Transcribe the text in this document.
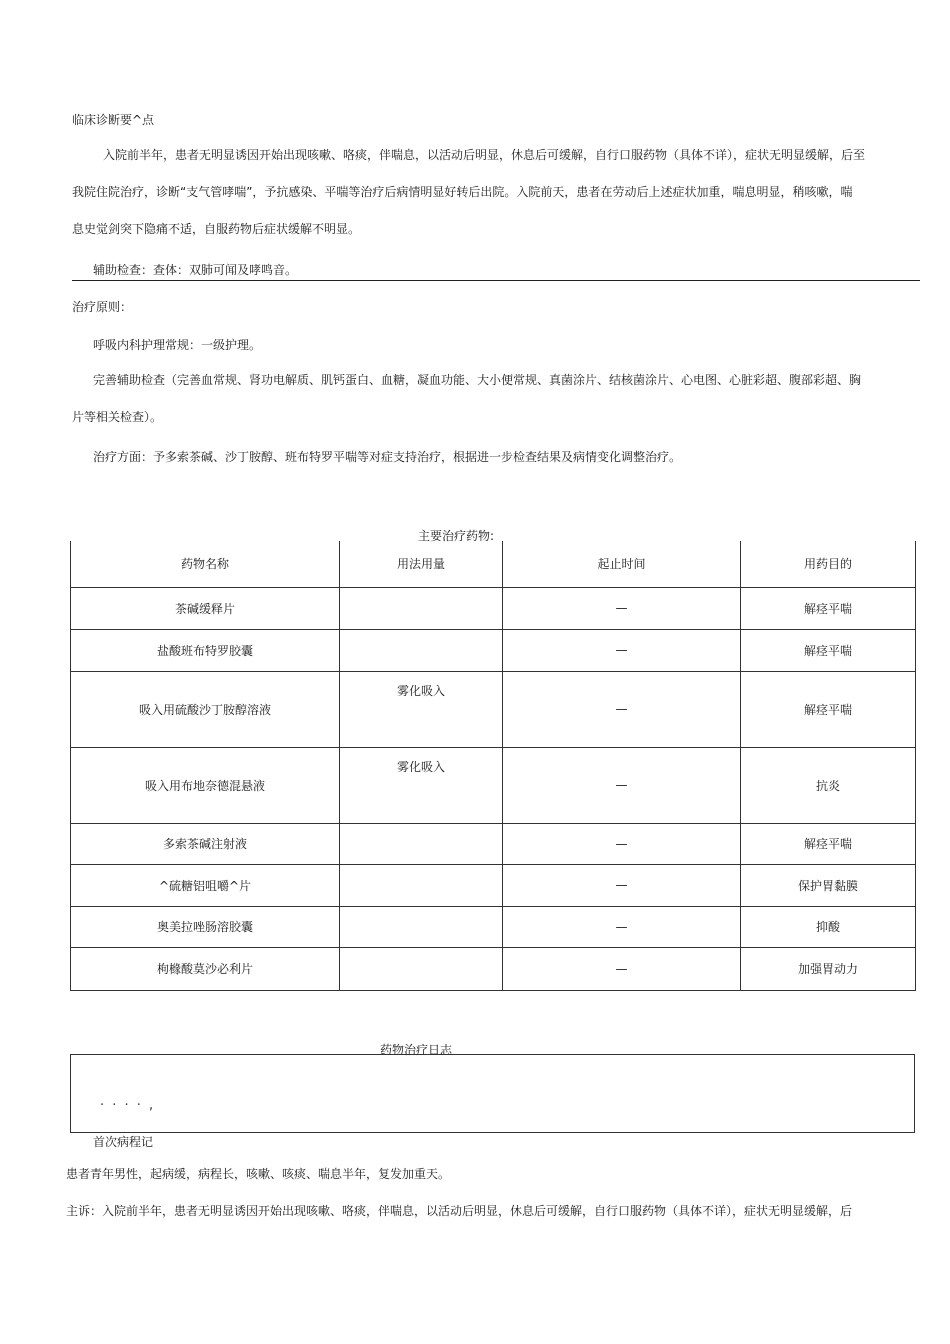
临床诊断要^点
入院前半年，患者无明显诱因开始出现咳嗽、咯痰，伴喘息，以活动后明显，休息后可缓解，自行口服药物（具体不详），症状无明显缓解，后至
我院住院治疗，诊断“支气管哮喘”，予抗感染、平喘等治疗后病情明显好转后出院。入院前天，患者在劳动后上述症状加重，喘息明显，稍咳嗽，喘
息史觉剑突下隐痛不适，自服药物后症状缓解不明显。
辅助检查：查体：双肺可闻及哮鸣音。
治疗原则：
呼吸内科护理常规：一级护理。
完善辅助检查（完善血常规、肾功电解质、肌钙蛋白、血糖，凝血功能、大小便常规、真菌涂片、结核菌涂片、心电图、心脏彩超、腹部彩超、胸
片等相关检查）。
治疗方面：予多索茶碱、沙丁胺醇、班布特罗平喘等对症支持治疗，根据进一步检查结果及病情变化调整治疗。
主要治疗药物:
药物名称	用法用量	起止时间	用药目的
茶碱缓释片		—	解痉平喘
盐酸班布特罗胶囊		—	解痉平喘
吸入用硫酸沙丁胺醇溶液	雾化吸入	—	解痉平喘
吸入用布地奈德混悬液	雾化吸入	—	抗炎
多索茶碱注射液		—	解痉平喘
^硫糖铝咀嚼^片		—	保护胃黏膜
奥美拉唑肠溶胶囊		—	抑酸
枸橼酸莫沙必利片		—	加强胃动力
药物治疗日志
· · · · ,
首次病程记
患者青年男性，起病缓，病程长，咳嗽、咳痰、喘息半年，复发加重天。
主诉：入院前半年，患者无明显诱因开始出现咳嗽、咯痰，伴喘息，以活动后明显，休息后可缓解，自行口服药物（具体不详），症状无明显缓解，后
